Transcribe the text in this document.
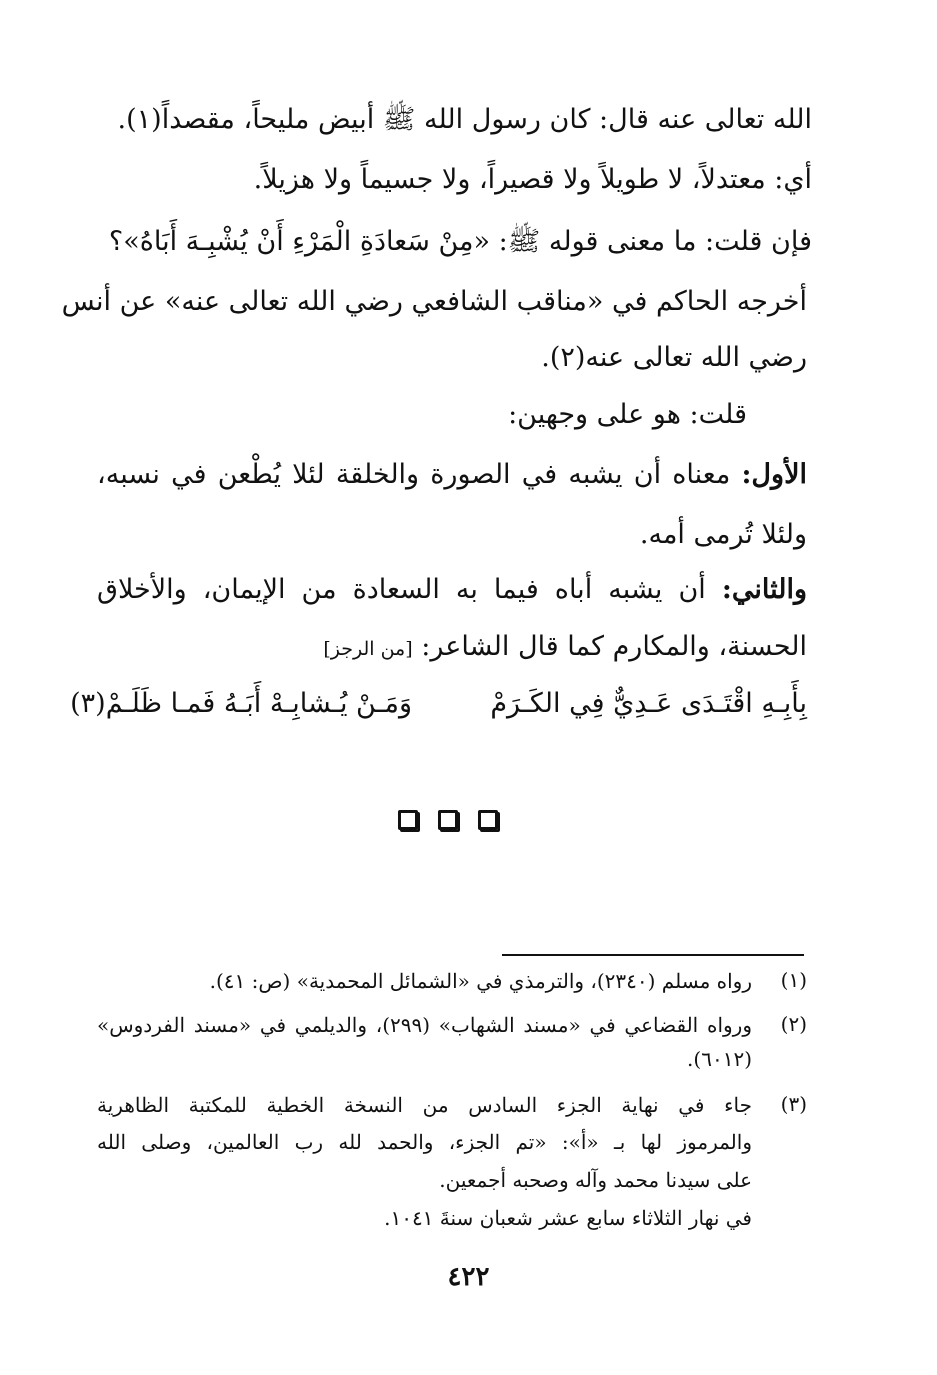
الله تعالى عنه قال: كان رسول الله ﷺ أبيض مليحاً، مقصداً(١).
أي: معتدلاً، لا طويلاً ولا قصيراً، ولا جسيماً ولا هزيلاً.
فإن قلت: ما معنى قوله ﷺ: «مِنْ سَعادَةِ الْمَرْءِ أَنْ يُشْبِـهَ أَبَاهُ»؟
أخرجه الحاكم في «مناقب الشافعي رضي الله تعالى عنه» عن أنس
رضي الله تعالى عنه(٢).
قلت: هو على وجهين:
الأول: معناه أن يشبه في الصورة والخلقة لئلا يُطْعن في نسبه،
ولئلا تُرمى أمه.
والثاني: أن يشبه أباه فيما به السعادة من الإيمان، والأخلاق
الحسنة، والمكارم كما قال الشاعر: [من الرجز]
بِأَبِـهِ اقْتَـدَى عَـدِيٌّ فِي الكَـرَمْ
وَمَـنْ يُـشابِـهْ أَبَـهُ فَمـا ظَلَـمْ(٣)
(١)
رواه مسلم (٢٣٤٠)، والترمذي في «الشمائل المحمدية» (ص: ٤١).
(٢)
ورواه القضاعي في «مسند الشهاب» (٢٩٩)، والديلمي في «مسند الفردوس»
(٦٠١٢).
(٣)
جاء في نهاية الجزء السادس من النسخة الخطية للمكتبة الظاهرية
والمرموز لها بـ «أ»: «تم الجزء، والحمد لله رب العالمين، وصلى الله
على سيدنا محمد وآله وصحبه أجمعين.
في نهار الثلاثاء سابع عشر شعبان سنةَ ١٠٤١.
٤٢٢
